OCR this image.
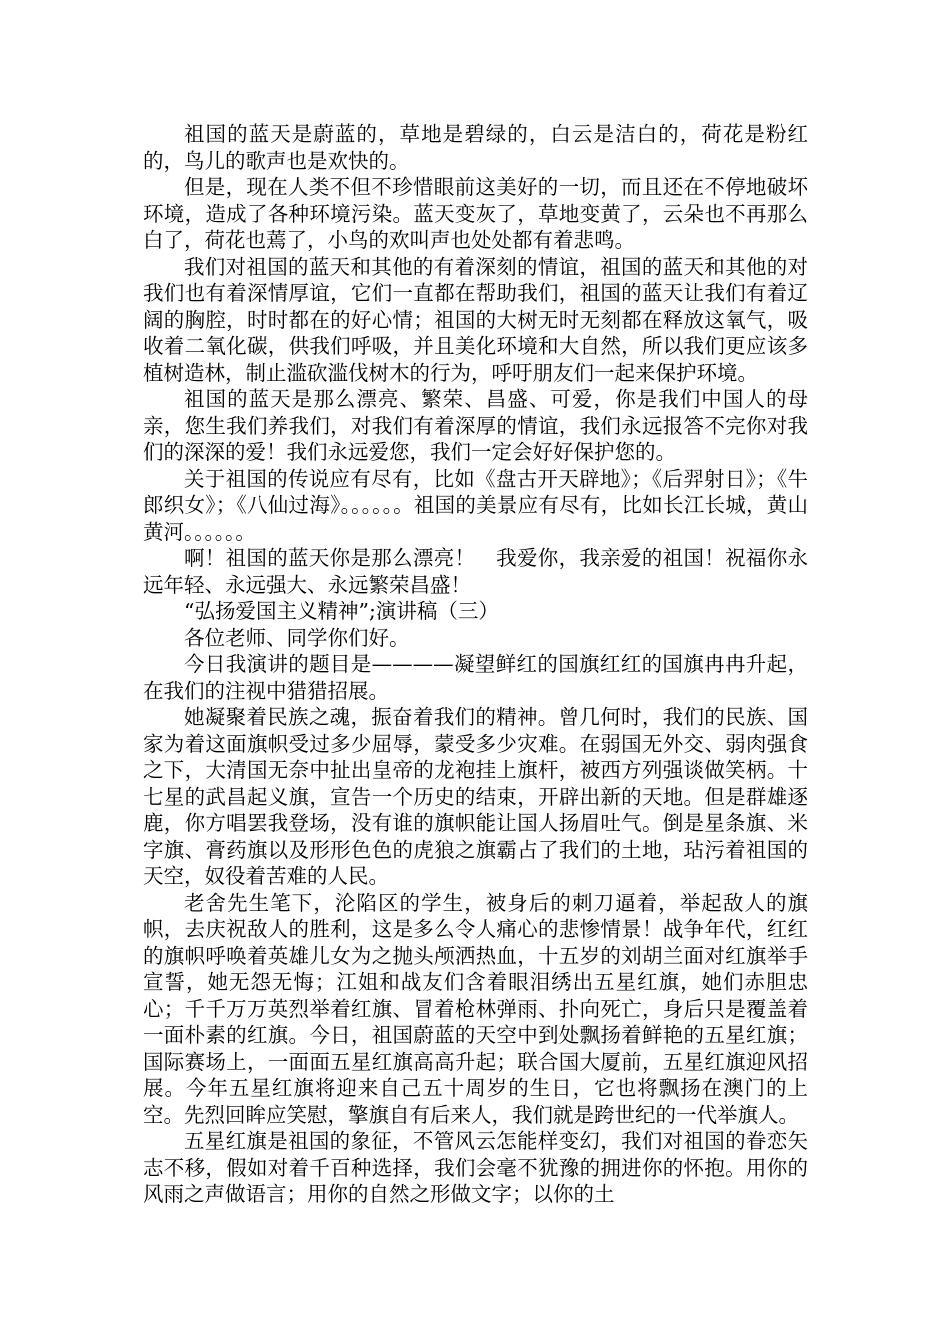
祖国的蓝天是蔚蓝的，草地是碧绿的，白云是洁白的，荷花是粉红的，鸟儿的歌声也是欢快的。

但是，现在人类不但不珍惜眼前这美好的一切，而且还在不停地破坏环境，造成了各种环境污染。蓝天变灰了，草地变黄了，云朵也不再那么白了，荷花也蔫了，小鸟的欢叫声也处处都有着悲鸣。

我们对祖国的蓝天和其他的有着深刻的情谊，祖国的蓝天和其他的对我们也有着深情厚谊，它们一直都在帮助我们，祖国的蓝天让我们有着辽阔的胸腔，时时都在的好心情；祖国的大树无时无刻都在释放这氧气，吸收着二氧化碳，供我们呼吸，并且美化环境和大自然，所以我们更应该多植树造林，制止滥砍滥伐树木的行为，呼吁朋友们一起来保护环境。

祖国的蓝天是那么漂亮、繁荣、昌盛、可爱，你是我们中国人的母亲，您生我们养我们，对我们有着深厚的情谊，我们永远报答不完你对我们的深深的爱！我们永远爱您，我们一定会好好保护您的。

关于祖国的传说应有尽有，比如《盘古开天辟地》；《后羿射日》；《牛郎织女》；《八仙过海》。。。。。。祖国的美景应有尽有，比如长江长城，黄山黄河。。。。。。

啊！祖国的蓝天你是那么漂亮！　我爱你，我亲爱的祖国！祝福你永远年轻、永远强大、永远繁荣昌盛！

“弘扬爱国主义精神”;演讲稿（三）

各位老师、同学你们好。

今日我演讲的题目是————凝望鲜红的国旗红红的国旗冉冉升起，在我们的注视中猎猎招展。

她凝聚着民族之魂，振奋着我们的精神。曾几何时，我们的民族、国家为着这面旗帜受过多少屈辱，蒙受多少灾难。在弱国无外交、弱肉强食之下，大清国无奈中扯出皇帝的龙袍挂上旗杆，被西方列强谈做笑柄。十七星的武昌起义旗，宣告一个历史的结束，开辟出新的天地。但是群雄逐鹿，你方唱罢我登场，没有谁的旗帜能让国人扬眉吐气。倒是星条旗、米字旗、膏药旗以及形形色色的虎狼之旗霸占了我们的土地，玷污着祖国的天空，奴役着苦难的人民。

老舍先生笔下，沦陷区的学生，被身后的刺刀逼着，举起敌人的旗帜，去庆祝敌人的胜利，这是多么令人痛心的悲惨情景！战争年代，红红的旗帜呼唤着英雄儿女为之抛头颅洒热血，十五岁的刘胡兰面对红旗举手宣誓，她无怨无悔；江姐和战友们含着眼泪绣出五星红旗，她们赤胆忠心；千千万万英烈举着红旗、冒着枪林弹雨、扑向死亡，身后只是覆盖着一面朴素的红旗。今日，祖国蔚蓝的天空中到处飘扬着鲜艳的五星红旗；国际赛场上，一面面五星红旗高高升起；联合国大厦前，五星红旗迎风招展。今年五星红旗将迎来自己五十周岁的生日，它也将飘扬在澳门的上空。先烈回眸应笑慰，擎旗自有后来人，我们就是跨世纪的一代举旗人。

五星红旗是祖国的象征，不管风云怎能样变幻，我们对祖国的眷恋矢志不移，假如对着千百种选择，我们会毫不犹豫的拥进你的怀抱。用你的风雨之声做语言；用你的自然之形做文字；以你的土
